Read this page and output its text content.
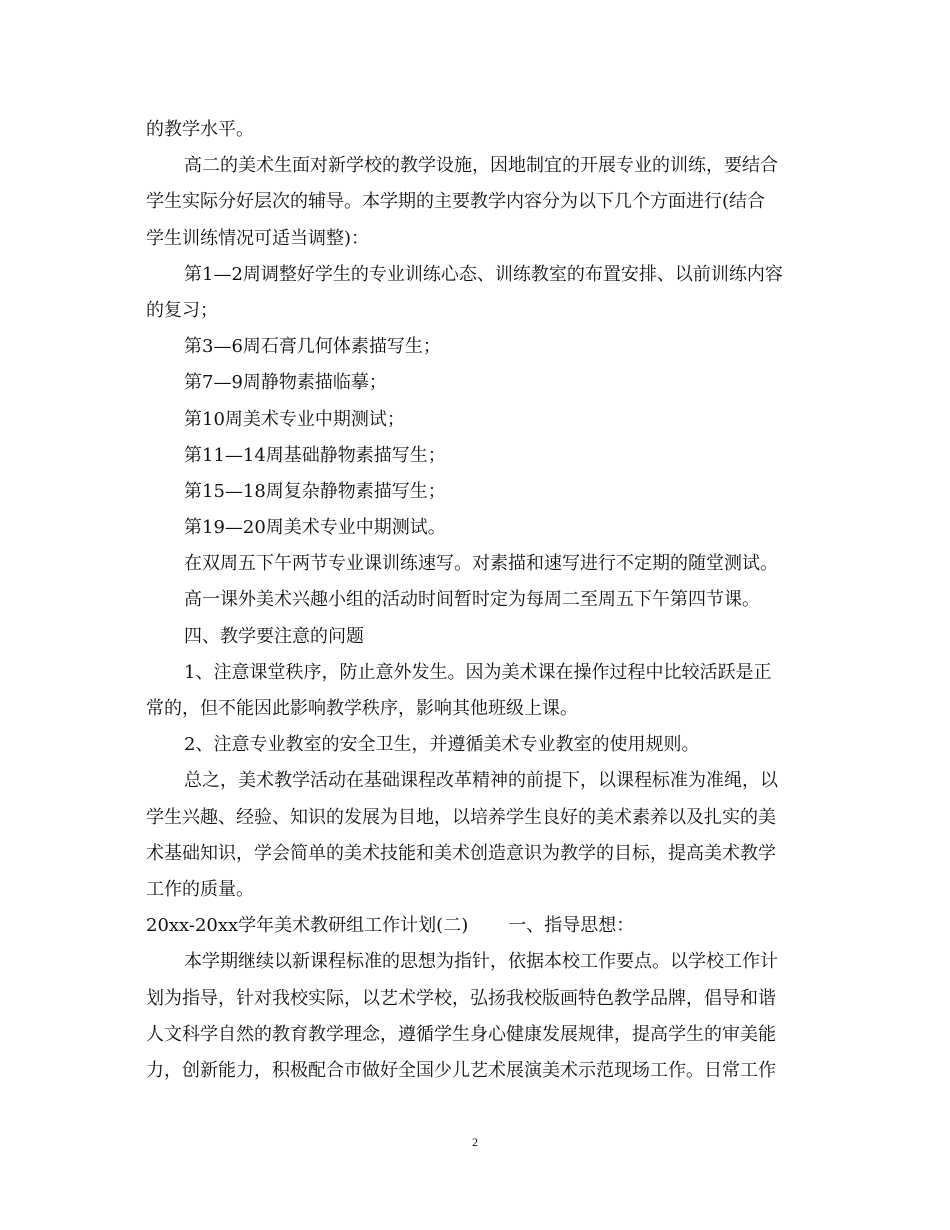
的教学水平。
高二的美术生面对新学校的教学设施，因地制宜的开展专业的训练，要结合
学生实际分好层次的辅导。本学期的主要教学内容分为以下几个方面进行(结合
学生训练情况可适当调整)：
第1—2周调整好学生的专业训练心态、训练教室的布置安排、以前训练内容
的复习；
第3—6周石膏几何体素描写生；
第7—9周静物素描临摹；
第10周美术专业中期测试；
第11—14周基础静物素描写生；
第15—18周复杂静物素描写生；
第19—20周美术专业中期测试。
在双周五下午两节专业课训练速写。对素描和速写进行不定期的随堂测试。
高一课外美术兴趣小组的活动时间暂时定为每周二至周五下午第四节课。
四、教学要注意的问题
1、注意课堂秩序，防止意外发生。因为美术课在操作过程中比较活跃是正
常的，但不能因此影响教学秩序，影响其他班级上课。
2、注意专业教室的安全卫生，并遵循美术专业教室的使用规则。
总之，美术教学活动在基础课程改革精神的前提下，以课程标准为准绳，以
学生兴趣、经验、知识的发展为目地，以培养学生良好的美术素养以及扎实的美
术基础知识，学会简单的美术技能和美术创造意识为教学的目标，提高美术教学
工作的质量。
20xx-20xx学年美术教研组工作计划(二)       一、指导思想：
本学期继续以新课程标准的思想为指针，依据本校工作要点。以学校工作计
划为指导，针对我校实际，以艺术学校，弘扬我校版画特色教学品牌，倡导和谐
人文科学自然的教育教学理念，遵循学生身心健康发展规律，提高学生的审美能
力，创新能力，积极配合市做好全国少儿艺术展演美术示范现场工作。日常工作
2
